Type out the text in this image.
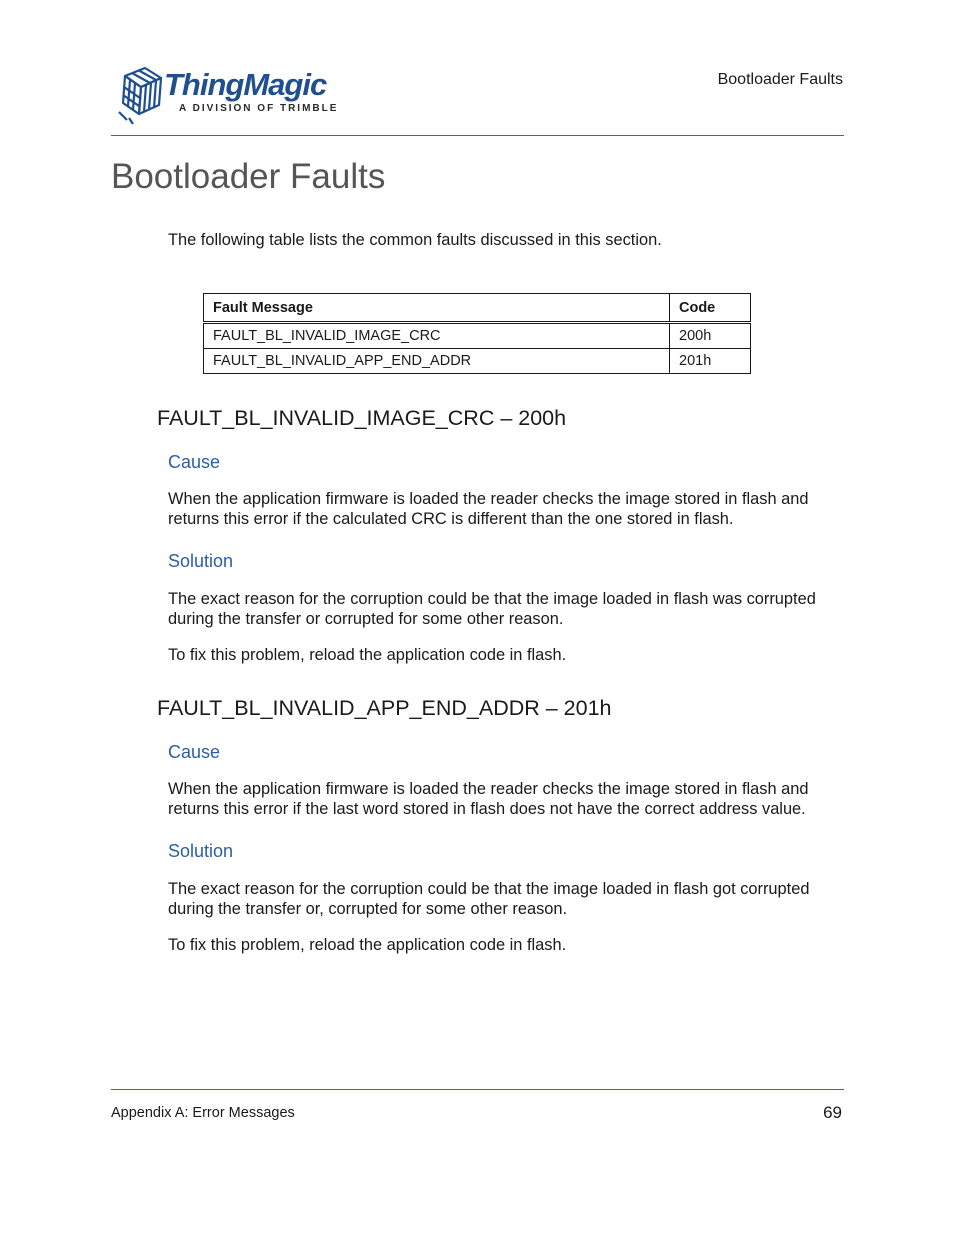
ThingMagic
A DIVISION OF TRIMBLE
Bootloader Faults
Bootloader Faults

The following table lists the common faults discussed in this section.

Fault Message	Code
FAULT_BL_INVALID_IMAGE_CRC	200h
FAULT_BL_INVALID_APP_END_ADDR	201h
FAULT_BL_INVALID_IMAGE_CRC – 200h
Cause

When the application firmware is loaded the reader checks the image stored in flash and returns this error if the calculated CRC is different than the one stored in flash.

Solution

The exact reason for the corruption could be that the image loaded in flash was corrupted during the transfer or corrupted for some other reason.

To fix this problem, reload the application code in flash.

FAULT_BL_INVALID_APP_END_ADDR – 201h
Cause

When the application firmware is loaded the reader checks the image stored in flash and returns this error if the last word stored in flash does not have the correct address value.

Solution

The exact reason for the corruption could be that the image loaded in flash got corrupted during the transfer or, corrupted for some other reason.

To fix this problem, reload the application code in flash.

Appendix A: Error Messages	69
